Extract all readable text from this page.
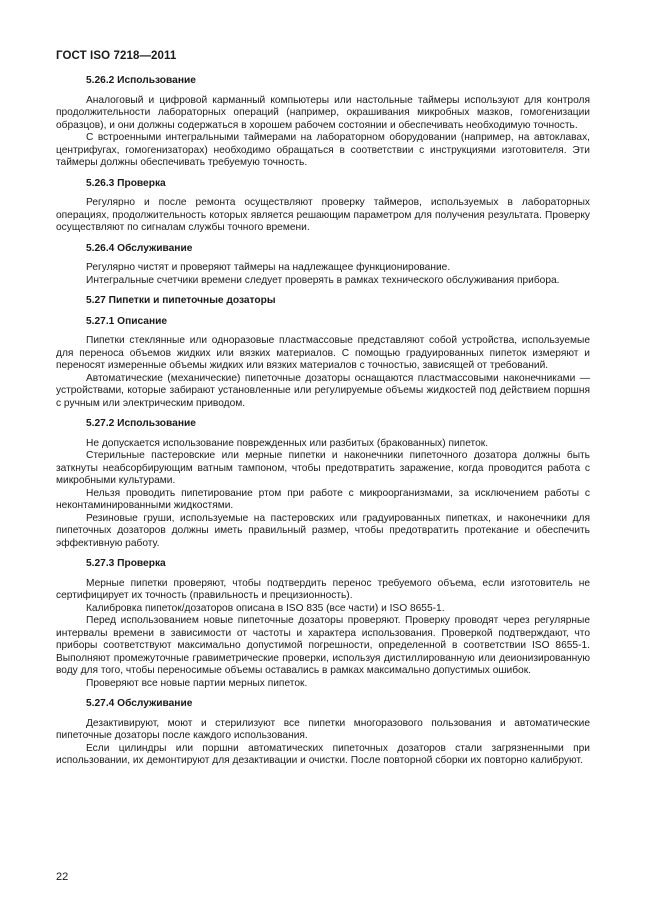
ГОСТ ISO 7218—2011
5.26.2 Использование

Аналоговый и цифровой карманный компьютеры или настольные таймеры используют для контроля продолжительности лабораторных операций (например, окрашивания микробных мазков, гомогенизации образцов), и они должны содержаться в хорошем рабочем состоянии и обеспечивать необходимую точность.

С встроенными интегральными таймерами на лабораторном оборудовании (например, на автоклавах, центрифугах, гомогенизаторах) необходимо обращаться в соответствии с инструкциями изготовителя. Эти таймеры должны обеспечивать требуемую точность.

5.26.3 Проверка

Регулярно и после ремонта осуществляют проверку таймеров, используемых в лабораторных операциях, продолжительность которых является решающим параметром для получения результата. Проверку осуществляют по сигналам службы точного времени.

5.26.4 Обслуживание

Регулярно чистят и проверяют таймеры на надлежащее функционирование.

Интегральные счетчики времени следует проверять в рамках технического обслуживания прибора.

5.27 Пипетки и пипеточные дозаторы
5.27.1 Описание

Пипетки стеклянные или одноразовые пластмассовые представляют собой устройства, используемые для переноса объемов жидких или вязких материалов. С помощью градуированных пипеток измеряют и переносят измеренные объемы жидких или вязких материалов с точностью, зависящей от требований.

Автоматические (механические) пипеточные дозаторы оснащаются пластмассовыми наконечниками — устройствами, которые забирают установленные или регулируемые объемы жидкостей под действием поршня с ручным или электрическим приводом.

5.27.2 Использование

Не допускается использование поврежденных или разбитых (бракованных) пипеток.

Стерильные пастеровские или мерные пипетки и наконечники пипеточного дозатора должны быть заткнуты неабсорбирующим ватным тампоном, чтобы предотвратить заражение, когда проводится работа с микробными культурами.

Нельзя проводить пипетирование ртом при работе с микроорганизмами, за исключением работы с неконтаминированными жидкостями.

Резиновые груши, используемые на пастеровских или градуированных пипетках, и наконечники для пипеточных дозаторов должны иметь правильный размер, чтобы предотвратить протекание и обеспечить эффективную работу.

5.27.3 Проверка

Мерные пипетки проверяют, чтобы подтвердить перенос требуемого объема, если изготовитель не сертифицирует их точность (правильность и прецизионность).

Калибровка пипеток/дозаторов описана в ISO 835 (все части) и ISO 8655-1.

Перед использованием новые пипеточные дозаторы проверяют. Проверку проводят через регулярные интервалы времени в зависимости от частоты и характера использования. Проверкой подтверждают, что приборы соответствуют максимально допустимой погрешности, определенной в соответствии ISO 8655-1. Выполняют промежуточные гравиметрические проверки, используя дистиллированную или деионизированную воду для того, чтобы переносимые объемы оставались в рамках максимально допустимых ошибок.

Проверяют все новые партии мерных пипеток.

5.27.4 Обслуживание

Дезактивируют, моют и стерилизуют все пипетки многоразового пользования и автоматические пипеточные дозаторы после каждого использования.

Если цилиндры или поршни автоматических пипеточных дозаторов стали загрязненными при использовании, их демонтируют для дезактивации и очистки. После повторной сборки их повторно калибруют.

22
